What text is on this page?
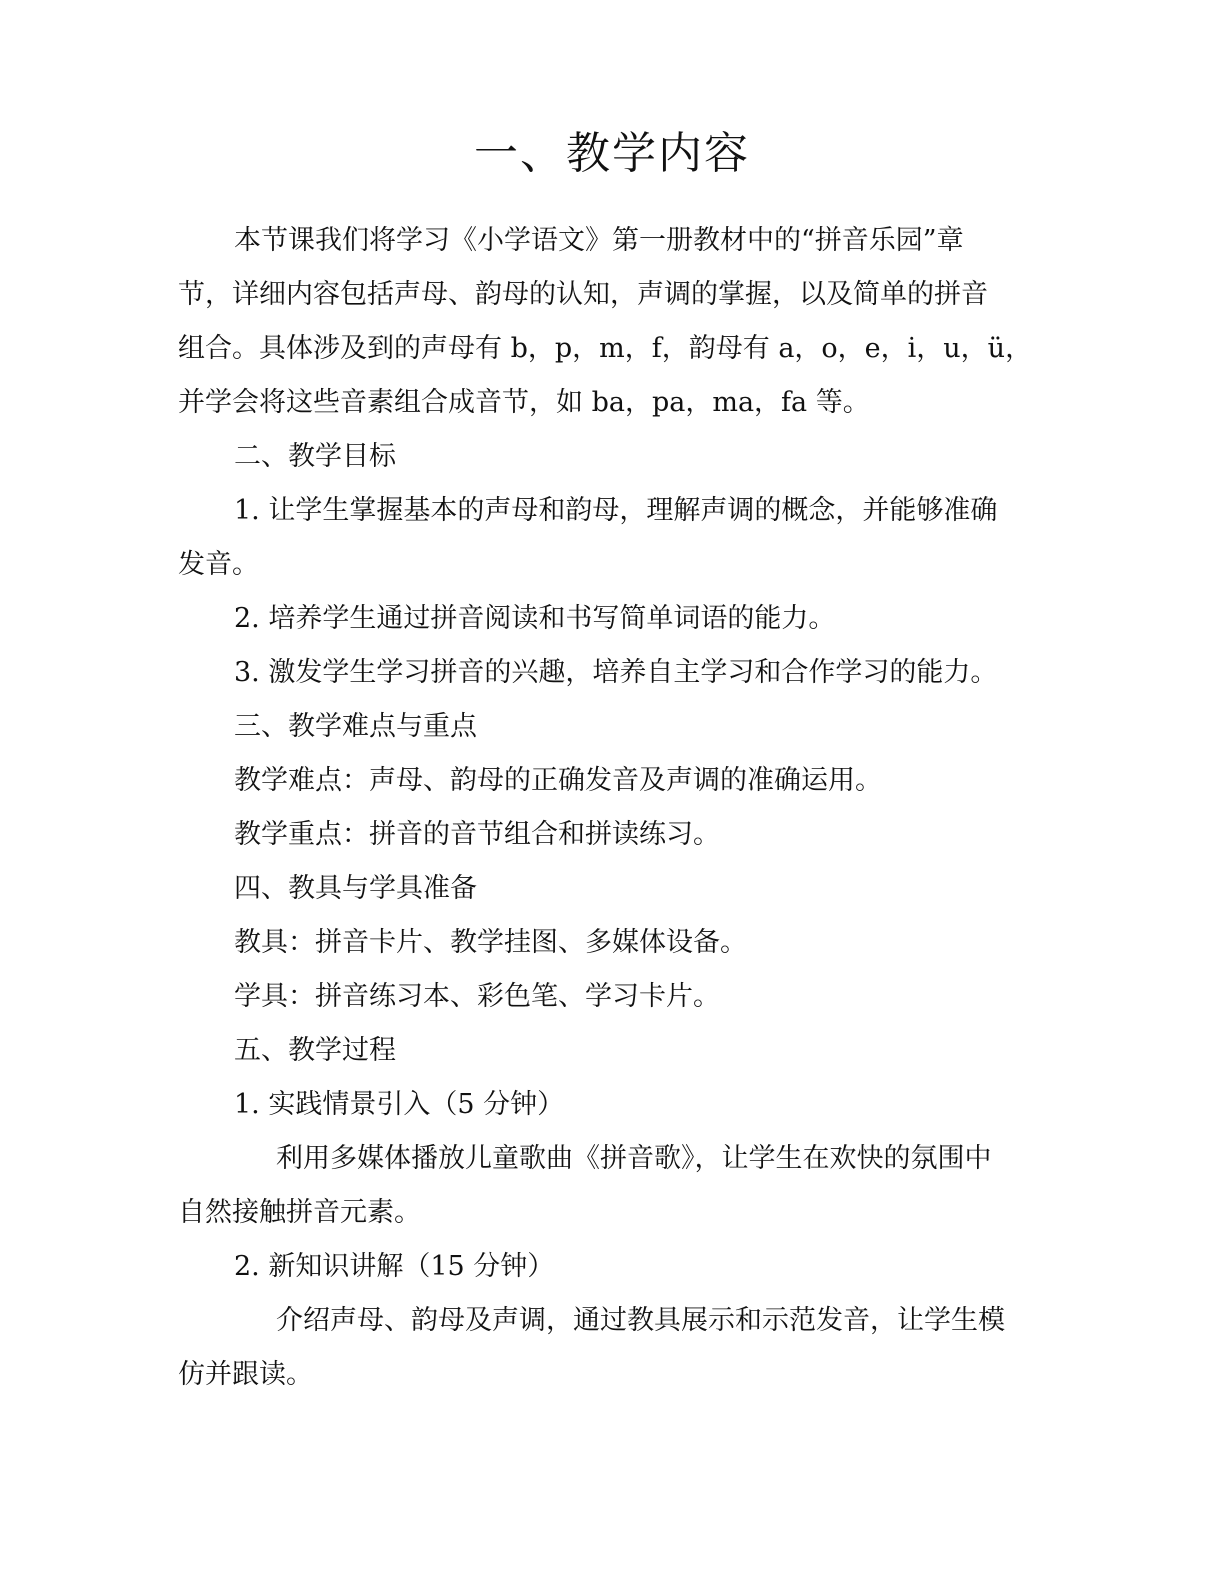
一、教学内容
本节课我们将学习《小学语文》第一册教材中的“拼音乐园”章
节，详细内容包括声母、韵母的认知，声调的掌握，以及简单的拼音
组合。具体涉及到的声母有 b，p，m，f，韵母有 a，o，e，i，u，ü，
并学会将这些音素组合成音节，如 ba，pa，ma，fa 等。
二、教学目标
1. 让学生掌握基本的声母和韵母，理解声调的概念，并能够准确
发音。
2. 培养学生通过拼音阅读和书写简单词语的能力。
3. 激发学生学习拼音的兴趣，培养自主学习和合作学习的能力。
三、教学难点与重点
教学难点：声母、韵母的正确发音及声调的准确运用。
教学重点：拼音的音节组合和拼读练习。
四、教具与学具准备
教具：拼音卡片、教学挂图、多媒体设备。
学具：拼音练习本、彩色笔、学习卡片。
五、教学过程
1. 实践情景引入（5 分钟）
利用多媒体播放儿童歌曲《拼音歌》，让学生在欢快的氛围中
自然接触拼音元素。
2. 新知识讲解（15 分钟）
介绍声母、韵母及声调，通过教具展示和示范发音，让学生模
仿并跟读。
